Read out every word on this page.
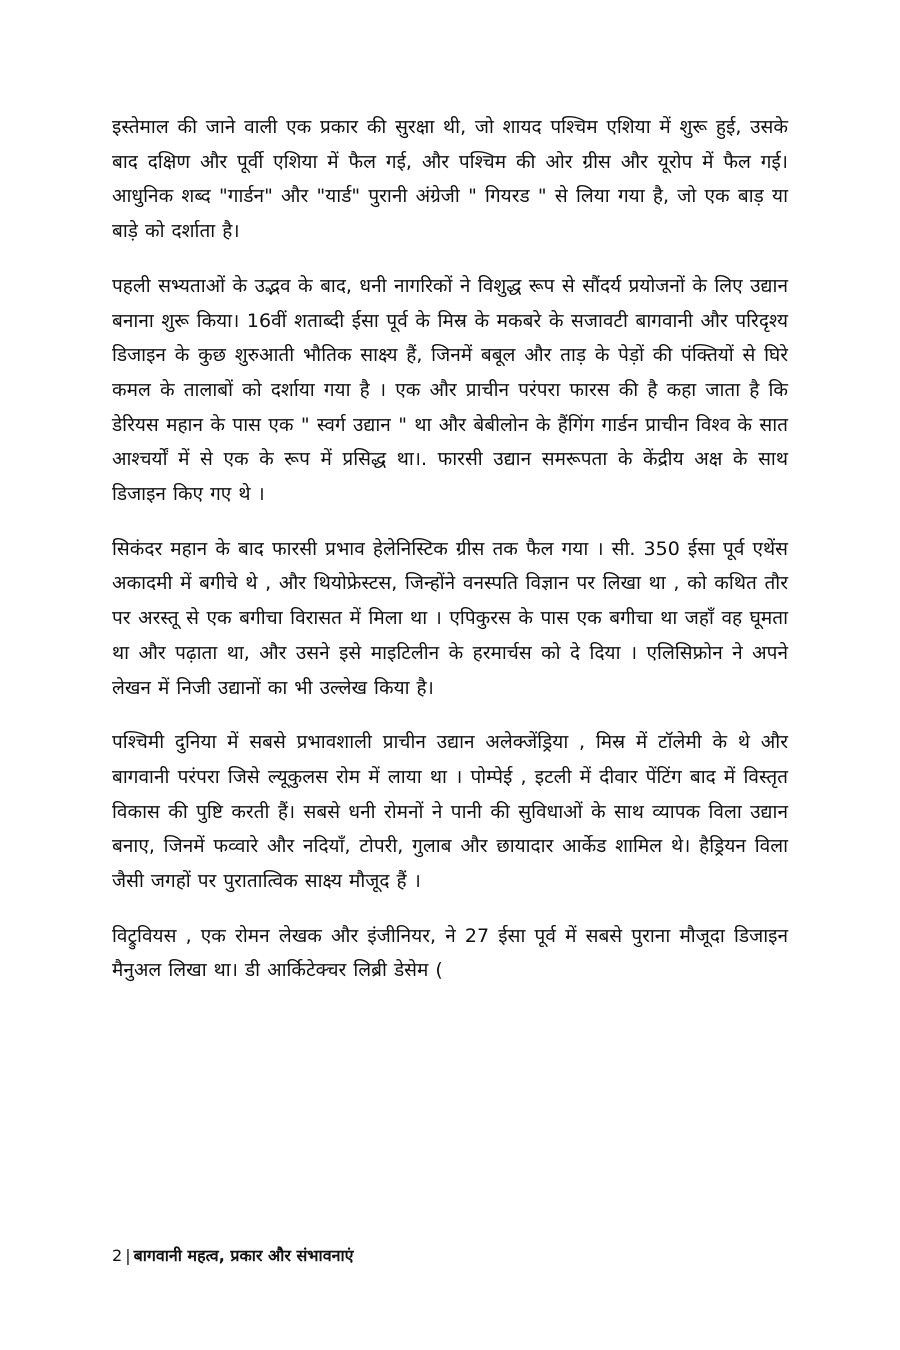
इस्तेमाल की जाने वाली एक प्रकार की सुरक्षा थी, जो शायद पश्चिम एशिया में शुरू हुई, उसके बाद दक्षिण और पूर्वी एशिया में फैल गई, और पश्चिम की ओर ग्रीस और यूरोप में फैल गई। आधुनिक शब्द "गार्डन" और "यार्ड" पुरानी अंग्रेजी " गियरड " से लिया गया है, जो एक बाड़ या बाड़े को दर्शाता है।

पहली सभ्यताओं के उद्भव के बाद, धनी नागरिकों ने विशुद्ध रूप से सौंदर्य प्रयोजनों के लिए उद्यान बनाना शुरू किया। 16वीं शताब्दी ईसा पूर्व के मिस्र के मकबरे के सजावटी बागवानी और परिदृश्य डिजाइन के कुछ शुरुआती भौतिक साक्ष्य हैं, जिनमें बबूल और ताड़ के पेड़ों की पंक्तियों से घिरे कमल के तालाबों को दर्शाया गया है । एक और प्राचीन परंपरा फारस की है कहा जाता है कि डेरियस महान के पास एक " स्वर्ग उद्यान " था और बेबीलोन के हैंगिंग गार्डन प्राचीन विश्व के सात आश्चर्यों में से एक के रूप में प्रसिद्ध था।. फारसी उद्यान समरूपता के केंद्रीय अक्ष के साथ डिजाइन किए गए थे ।

सिकंदर महान के बाद फारसी प्रभाव हेलेनिस्टिक ग्रीस तक फैल गया । सी. 350 ईसा पूर्व एथेंस अकादमी में बगीचे थे , और थियोफ्रेस्टस, जिन्होंने वनस्पति विज्ञान पर लिखा था , को कथित तौर पर अरस्तू से एक बगीचा विरासत में मिला था । एपिकुरस के पास एक बगीचा था जहाँ वह घूमता था और पढ़ाता था, और उसने इसे माइटिलीन के हरमार्चस को दे दिया । एलिसिफ्रोन ने अपने लेखन में निजी उद्यानों का भी उल्लेख किया है।

पश्चिमी दुनिया में सबसे प्रभावशाली प्राचीन उद्यान अलेक्जेंड्रिया , मिस्र में टॉलेमी के थे और बागवानी परंपरा जिसे ल्यूकुलस रोम में लाया था । पोम्पेई , इटली में दीवार पेंटिंग बाद में विस्तृत विकास की पुष्टि करती हैं। सबसे धनी रोमनों ने पानी की सुविधाओं के साथ व्यापक विला उद्यान बनाए, जिनमें फव्वारे और नदियाँ, टोपरी, गुलाब और छायादार आर्केड शामिल थे। हैड्रियन विला जैसी जगहों पर पुरातात्विक साक्ष्य मौजूद हैं ।

विट्रुवियस , एक रोमन लेखक और इंजीनियर, ने 27 ईसा पूर्व में सबसे पुराना मौजूदा डिजाइन मैनुअल लिखा था। डी आर्किटेक्चर लिब्री डेसेम (

2 | बागवानी महत्व, प्रकार और संभावनाएं
